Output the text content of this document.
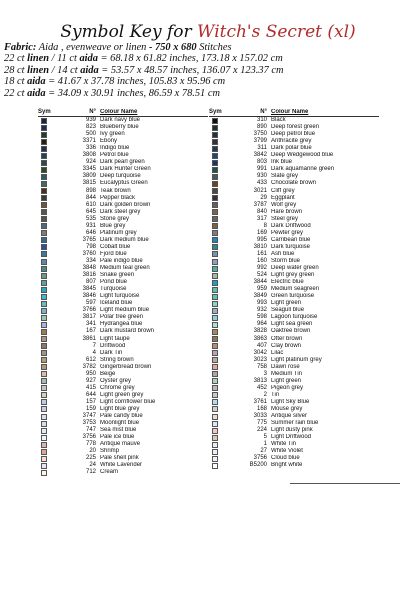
Symbol Key for Witch's Secret (xl)
Fabric: Aida , evenweave or linen - 750 x 680 Stitches
22 ct linen / 11 ct aida = 68.18 x 61.82 inches, 173.18 x 157.02 cm
28 ct linen / 14 ct aida = 53.57 x 48.57 inches, 136.07 x 123.37 cm
18 ct aida = 41.67 x 37.78 inches, 105.83 x 95.96 cm
22 ct aida = 34.09 x 30.91 inches, 86.59 x 78.51 cm
Sym	N° Colour Name
939 Dark navy blue
823 Blueberry blue
500 Ivy green
3371 Ebony
336 Indigo blue
3808 Petrol blue
924 Dark pearl green
3345 Dark Hunter Green
3809 Deep turquoise
3815 Eucalyptus Green
898 Teak brown
844 Pepper black
610 Dark golden brown
645 Dark steel grey
535 Stone grey
931 Blue grey
646 Platinum grey
3765 Dark medium blue
798 Cobalt blue
3760 Fjord blue
334 Pale indigo blue
3848 Medium teal green
3816 Snake green
807 Pond blue
3845 Turquoise
3846 Light turquoise
597 Iceland blue
3766 Light medium blue
3817 Polar tree green
341 Hydrangea blue
167 Dark mustard brown
3861 Light taupe
7 Driftwood
4 Dark Tin
612 String brown
3782 Gingerbread brown
950 Beige
927 Oyster grey
415 Chrome grey
644 Light green grey
157 Light cornflower blue
159 Light blue grey
3747 Pale candy blue
3753 Moonlight blue
747 Sea mist blue
3756 Pale ice blue
778 Antique mauve
20 Shrimp
225 Pale shell pink
24 White Lavender
712 Cream
Sym	N° Colour Name
310 Black
890 Deep forest green
3750 Deep petrol blue
3799 Anthracite grey
311 Dark polar blue
3842 Deep Wedgewood blue
803 Ink blue
991 Dark aquamarine green
930 Slate grey
433 Chocolate brown
3021 Cliff grey
29 Eggplant
3787 Wolf grey
840 Hare brown
317 Steel grey
8 Dark Driftwood
169 Pewter grey
995 Carribean blue
3810 Dark turquoise
161 Ash blue
160 Storm blue
992 Deep water green
524 Light grey green
3844 Electric blue
959 Medium seagreen
3849 Green turquoise
993 Light green
932 Seagull blue
598 Lagoon turquoise
964 Light sea green
3828 Oaktree brown
3863 Otter brown
407 Clay brown
3042 Lilac
3023 Light platinum grey
758 Dawn rose
3 Medium Tin
3813 Light green
452 Pigeon grey
2 Tin
3761 Light Sky Blue
168 Mouse grey
3033 Antique silver
775 Summer rain blue
224 Light dusty pink
5 Light Driftwood
1 White Tin
27 White Violet
3756 Cloud blue
B5200 Bright white
